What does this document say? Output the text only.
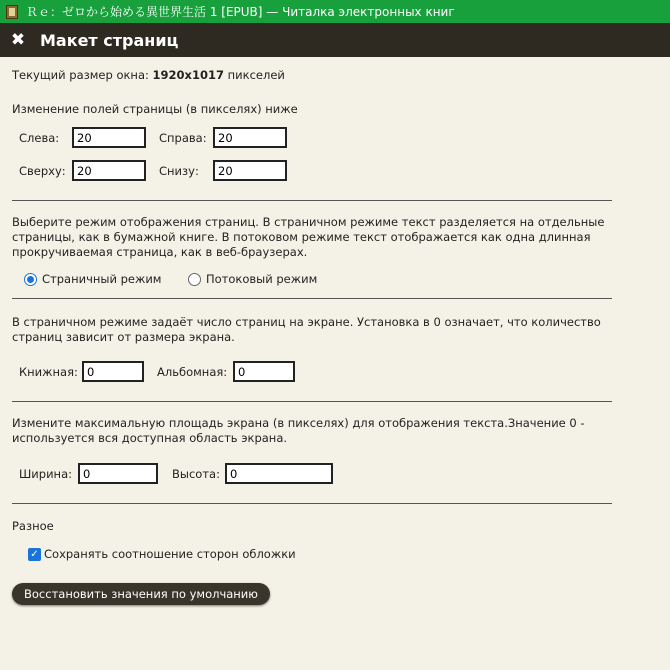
Ｒｅ：ゼロから始める異世界生活 1 [EPUB] — Читалка электронных книг
✖ Макет страниц
Текущий размер окна: 1920x1017 пикселей
Изменение полей страницы (в пикселях) ниже
Слева:
20	Справа:
20
Сверху:
20	Снизу:
20
Выберите режим отображения страниц. В страничном режиме текст разделяется на отдельные страницы, как в бумажной книге. В потоковом режиме текст отображается как одна длинная прокручиваемая страница, как в веб-браузерах.
Страничный режим	Потоковый режим
В страничном режиме задаёт число страниц на экране. Установка в 0 означает, что количество страниц зависит от размера экрана.
Книжная:
0	Альбомная:
0
Измените максимальную площадь экрана (в пикселях) для отображения текста.Значение 0 - используется вся доступная область экрана.
Ширина:
0	Высота:
0
Разное
✓ Сохранять соотношение сторон обложки
Восстановить значения по умолчанию
